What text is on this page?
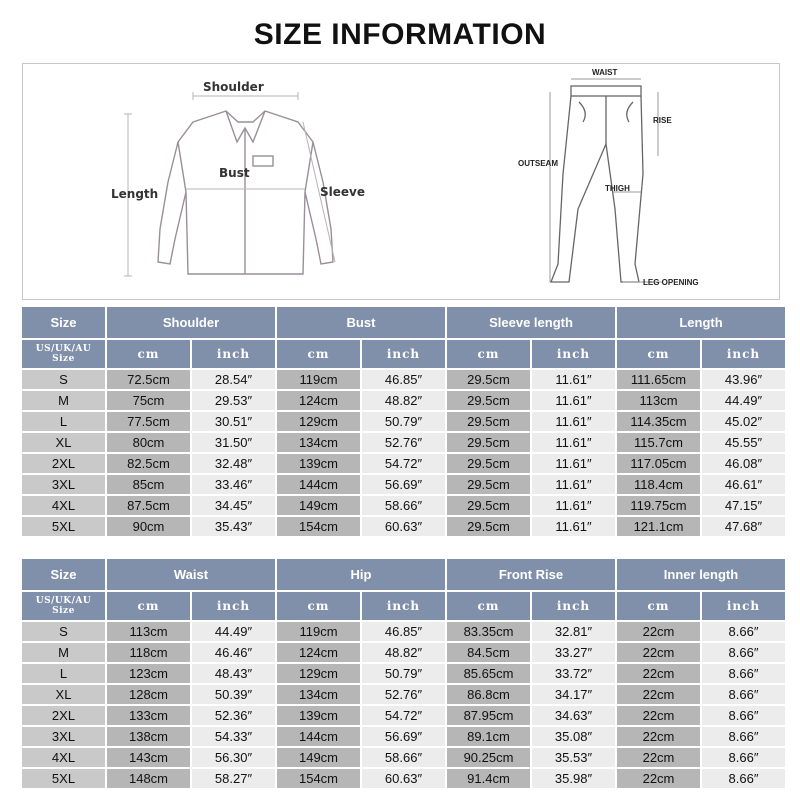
SIZE INFORMATION
Shoulder
Bust
Length	Sleeve
WAIST
RISE
OUTSEAM
THIGH
LEG OPENING
Size	Shoulder		Bust		Sleeve length		Length	
US/UK/AU
Size	cm	inch	cm	inch	cm	inch	cm	inch
S	72.5cm	28.54″	119cm	46.85″	29.5cm	11.61″	111.65cm	43.96″
M	75cm	29.53″	124cm	48.82″	29.5cm	11.61″	113cm	44.49″
L	77.5cm	30.51″	129cm	50.79″	29.5cm	11.61″	114.35cm	45.02″
XL	80cm	31.50″	134cm	52.76″	29.5cm	11.61″	115.7cm	45.55″
2XL	82.5cm	32.48″	139cm	54.72″	29.5cm	11.61″	117.05cm	46.08″
3XL	85cm	33.46″	144cm	56.69″	29.5cm	11.61″	118.4cm	46.61″
4XL	87.5cm	34.45″	149cm	58.66″	29.5cm	11.61″	119.75cm	47.15″
5XL	90cm	35.43″	154cm	60.63″	29.5cm	11.61″	121.1cm	47.68″
Size	Waist		Hip		Front Rise		Inner length	
US/UK/AU
Size	cm	inch	cm	inch	cm	inch	cm	inch
S	113cm	44.49″	119cm	46.85″	83.35cm	32.81″	22cm	8.66″
M	118cm	46.46″	124cm	48.82″	84.5cm	33.27″	22cm	8.66″
L	123cm	48.43″	129cm	50.79″	85.65cm	33.72″	22cm	8.66″
XL	128cm	50.39″	134cm	52.76″	86.8cm	34.17″	22cm	8.66″
2XL	133cm	52.36″	139cm	54.72″	87.95cm	34.63″	22cm	8.66″
3XL	138cm	54.33″	144cm	56.69″	89.1cm	35.08″	22cm	8.66″
4XL	143cm	56.30″	149cm	58.66″	90.25cm	35.53″	22cm	8.66″
5XL	148cm	58.27″	154cm	60.63″	91.4cm	35.98″	22cm	8.66″
